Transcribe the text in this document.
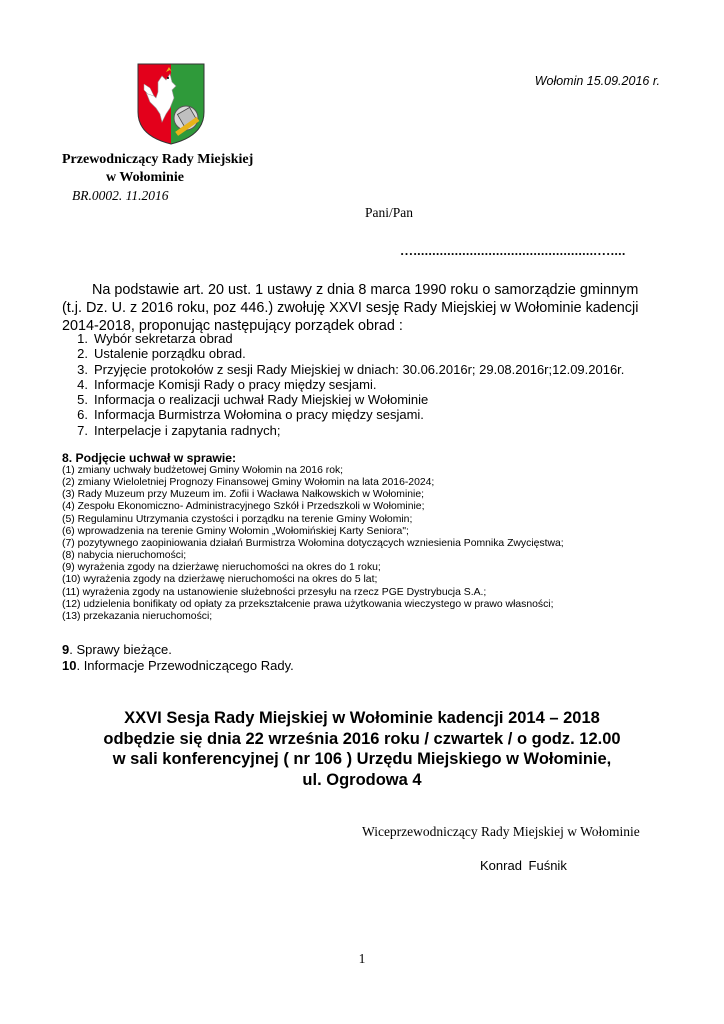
Wołomin 15.09.2016 r.
Przewodniczący Rady Miejskiej
w Wołominie
BR.0002. 11.2016
Pani/Pan
….................................................…....
Na podstawie art. 20 ust. 1 ustawy z dnia 8 marca 1990 roku o samorządzie gminnym
(t.j. Dz. U. z 2016 roku, poz 446.) zwołuję XXVI sesję Rady Miejskiej w Wołominie kadencji
2014-2018, proponując następujący porządek obrad :
1. Wybór sekretarza obrad
2. Ustalenie porządku obrad.
3. Przyjęcie protokołów z sesji Rady Miejskiej w dniach: 30.06.2016r; 29.08.2016r;12.09.2016r.
4. Informacje Komisji Rady o pracy między sesjami.
5. Informacja o realizacji uchwał Rady Miejskiej w Wołominie
6. Informacja Burmistrza Wołomina o pracy między sesjami.
7. Interpelacje i zapytania radnych;
8. Podjęcie uchwał w sprawie:
(1) zmiany uchwały budżetowej Gminy Wołomin na 2016 rok;
(2) zmiany Wieloletniej Prognozy Finansowej Gminy Wołomin na lata 2016-2024;
(3) Rady Muzeum przy Muzeum im. Zofii i Wacława Nałkowskich w Wołominie;
(4) Zespołu Ekonomiczno- Administracyjnego Szkół i Przedszkoli w Wołominie;
(5) Regulaminu Utrzymania czystości i porządku na terenie Gminy Wołomin;
(6) wprowadzenia na terenie Gminy Wołomin „Wołomińskiej Karty Seniora";
(7) pozytywnego zaopiniowania działań Burmistrza Wołomina dotyczących wzniesienia Pomnika Zwycięstwa;
(8) nabycia nieruchomości;
(9) wyrażenia zgody na dzierżawę nieruchomości na okres do 1 roku;
(10) wyrażenia zgody na dzierżawę nieruchomości na okres do 5 lat;
(11) wyrażenia zgody na ustanowienie służebności przesyłu na rzecz PGE Dystrybucja S.A.;
(12) udzielenia bonifikaty od opłaty za przekształcenie prawa użytkowania wieczystego w prawo własności;
(13) przekazania nieruchomości;
9. Sprawy bieżące.
10. Informacje Przewodniczącego Rady.
XXVI Sesja Rady Miejskiej w Wołominie kadencji 2014 – 2018
odbędzie się dnia 22 września 2016 roku / czwartek / o godz. 12.00
w sali konferencyjnej ( nr 106 ) Urzędu Miejskiego w Wołominie,
ul. Ogrodowa 4
Wiceprzewodniczący Rady Miejskiej w Wołominie
Konrad Fuśnik
1
